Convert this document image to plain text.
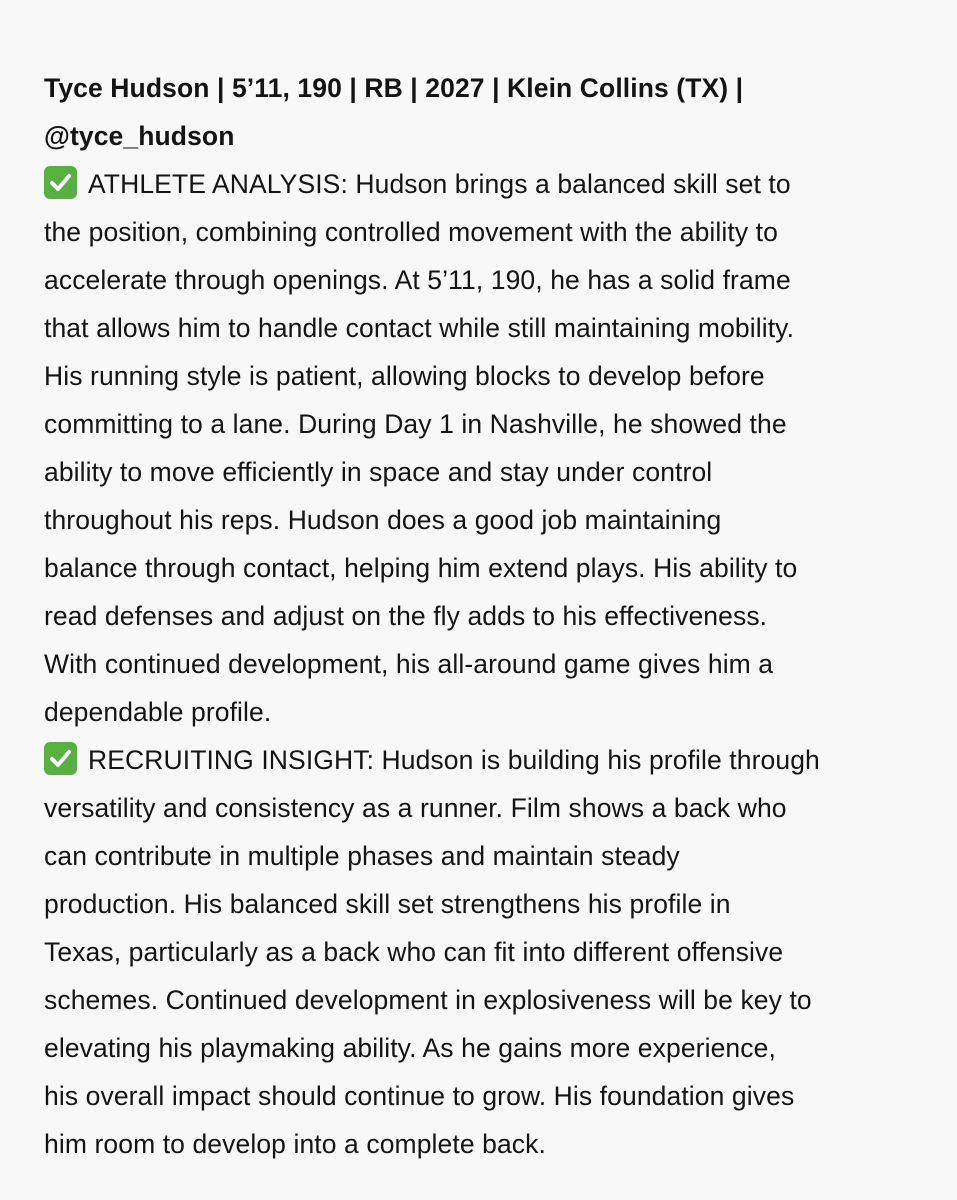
Tyce Hudson | 5’11, 190 | RB | 2027 | Klein Collins (TX) |
@tyce_hudson
ATHLETE ANALYSIS: Hudson brings a balanced skill set to
the position, combining controlled movement with the ability to
accelerate through openings. At 5’11, 190, he has a solid frame
that allows him to handle contact while still maintaining mobility.
His running style is patient, allowing blocks to develop before
committing to a lane. During Day 1 in Nashville, he showed the
ability to move efficiently in space and stay under control
throughout his reps. Hudson does a good job maintaining
balance through contact, helping him extend plays. His ability to
read defenses and adjust on the fly adds to his effectiveness.
With continued development, his all-around game gives him a
dependable profile.
RECRUITING INSIGHT: Hudson is building his profile through
versatility and consistency as a runner. Film shows a back who
can contribute in multiple phases and maintain steady
production. His balanced skill set strengthens his profile in
Texas, particularly as a back who can fit into different offensive
schemes. Continued development in explosiveness will be key to
elevating his playmaking ability. As he gains more experience,
his overall impact should continue to grow. His foundation gives
him room to develop into a complete back.
